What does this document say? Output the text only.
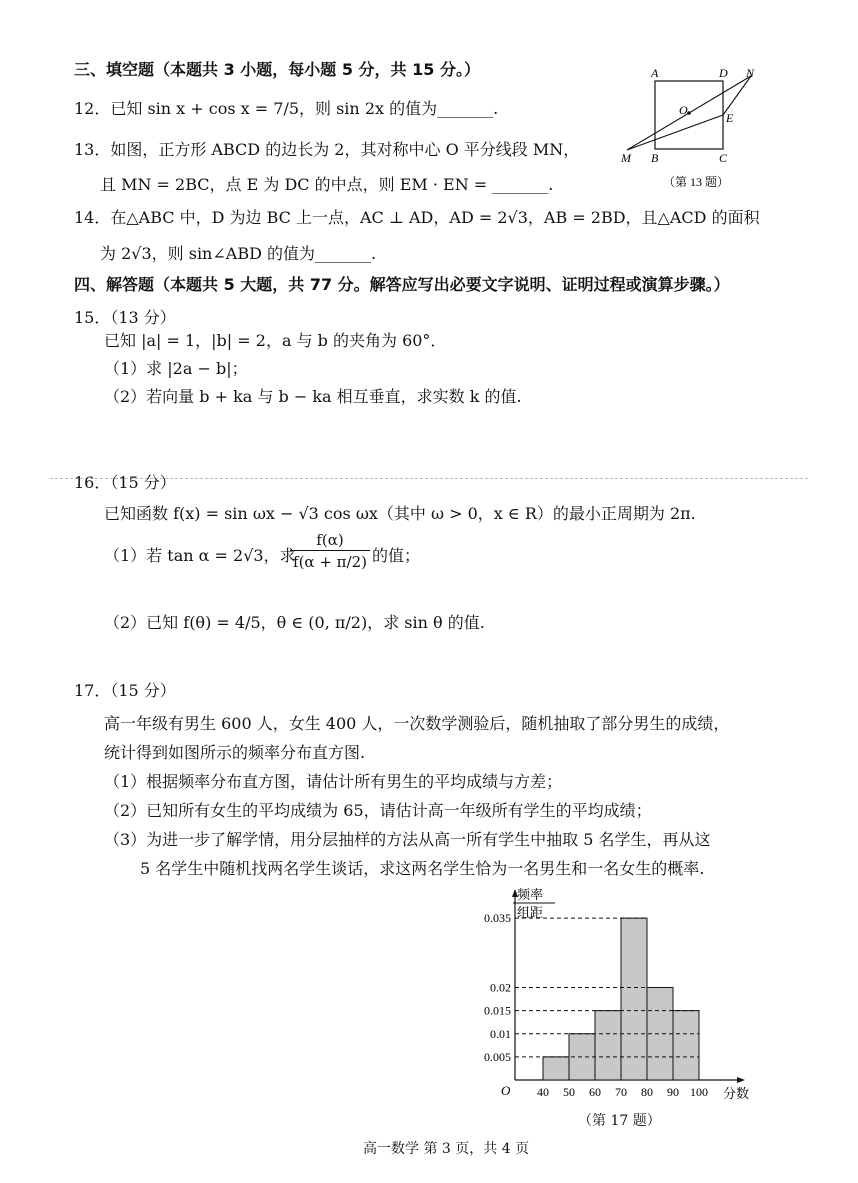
三、填空题（本题共 3 小题，每小题 5 分，共 15 分。）
12．已知 sin x + cos x = 7/5，则 sin 2x 的值为_______.
13．如图，正方形 ABCD 的边长为 2，其对称中心 O 平分线段 MN，
且 MN = 2BC，点 E 为 DC 的中点，则 EM · EN = _______.
A	D N
O
E
M B	C
（第 13 题）
14．在△ABC 中，D 为边 BC 上一点，AC ⊥ AD，AD = 2√3，AB = 2BD，且△ACD 的面积
为 2√3，则 sin∠ABD 的值为_______.
四、解答题（本题共 5 大题，共 77 分。解答应写出必要文字说明、证明过程或演算步骤。）
15．（13 分）
已知 |a| = 1，|b| = 2，a 与 b 的夹角为 60°．
（1）求 |2a − b|；
（2）若向量 b + ka 与 b − ka 相互垂直，求实数 k 的值.
16．（15 分）
已知函数 f(x) = sin ωx − √3 cos ωx（其中 ω > 0，x ∈ R）的最小正周期为 2π.
（1）若 tan α = 2√3，求
$\frac{f(\alpha)}{f(\alpha + \pi/2)}$ 的值；
（2）已知 f(θ) = 4/5，θ ∈ (0, π/2)，求 sin θ 的值.
17．（15 分）
高一年级有男生 600 人，女生 400 人，一次数学测验后，随机抽取了部分男生的成绩，
统计得到如图所示的频率分布直方图.
（1）根据频率分布直方图，请估计所有男生的平均成绩与方差；
（2）已知所有女生的平均成绩为 65，请估计高一年级所有学生的平均成绩；
（3）为进一步了解学情，用分层抽样的方法从高一所有学生中抽取 5 名学生，再从这
5 名学生中随机找两名学生谈话，求这两名学生恰为一名男生和一名女生的概率.
频率
组距
O	分数
0.005
0.01
0.015
0.02
0.035
40 50 60 70 80 90 100
（第 17 题）
高一数学 第 3 页，共 4 页
